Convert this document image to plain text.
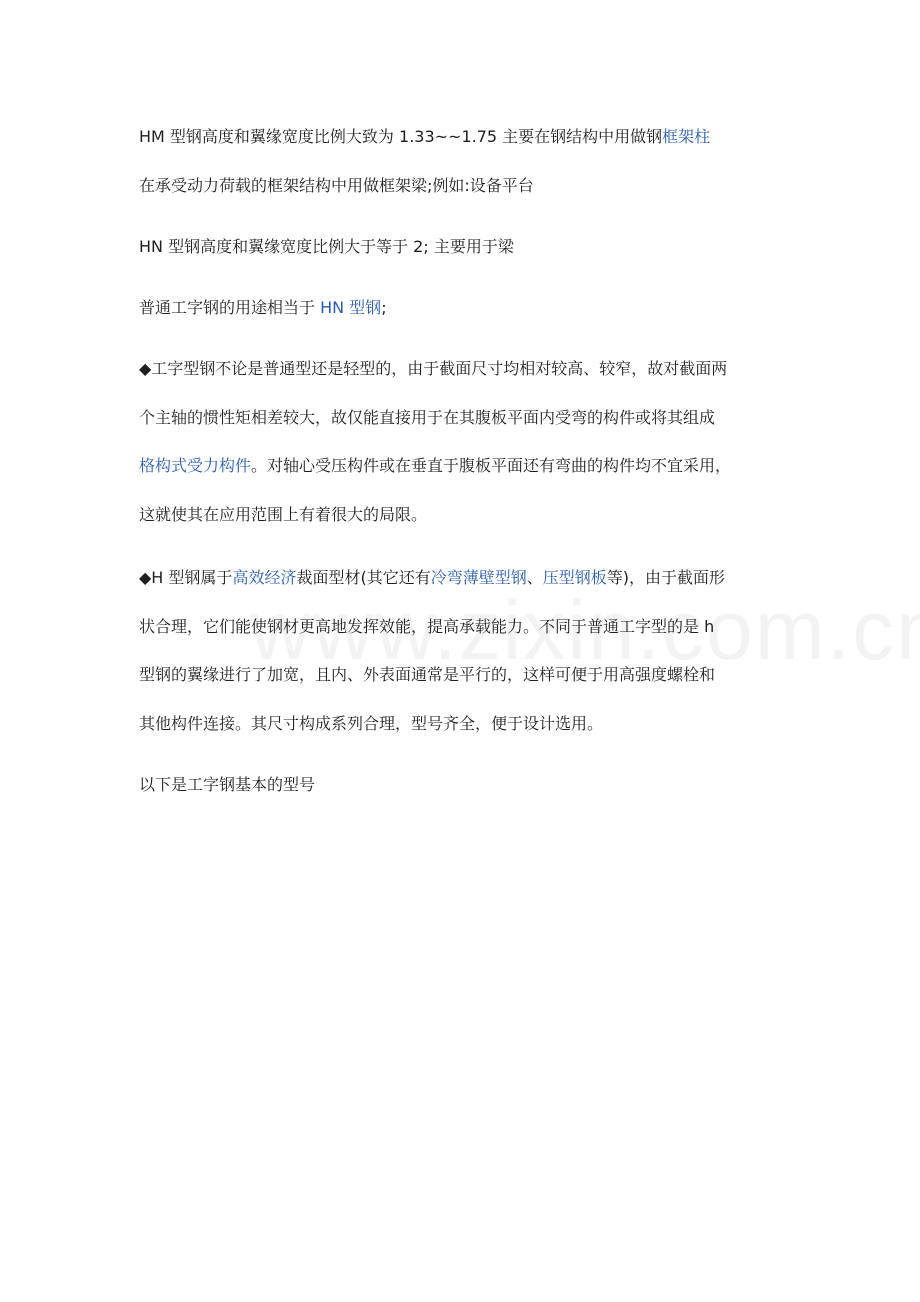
HM 型钢高度和翼缘宽度比例大致为 1.33~~1.75 主要在钢结构中用做钢框架柱
在承受动力荷载的框架结构中用做框架梁;例如:设备平台
HN 型钢高度和翼缘宽度比例大于等于 2; 主要用于梁
普通工字钢的用途相当于 HN 型钢;
◆工字型钢不论是普通型还是轻型的，由于截面尺寸均相对较高、较窄，故对截面两
个主轴的惯性矩相差较大，故仅能直接用于在其腹板平面内受弯的构件或将其组成
格构式受力构件。对轴心受压构件或在垂直于腹板平面还有弯曲的构件均不宜采用，
这就使其在应用范围上有着很大的局限。
◆H 型钢属于高效经济裁面型材(其它还有冷弯薄壁型钢、压型钢板等)，由于截面形
状合理，它们能使钢材更高地发挥效能，提高承载能力。不同于普通工字型的是 h
型钢的翼缘进行了加宽，且内、外表面通常是平行的，这样可便于用高强度螺栓和
其他构件连接。其尺寸构成系列合理，型号齐全，便于设计选用。
以下是工字钢基本的型号
